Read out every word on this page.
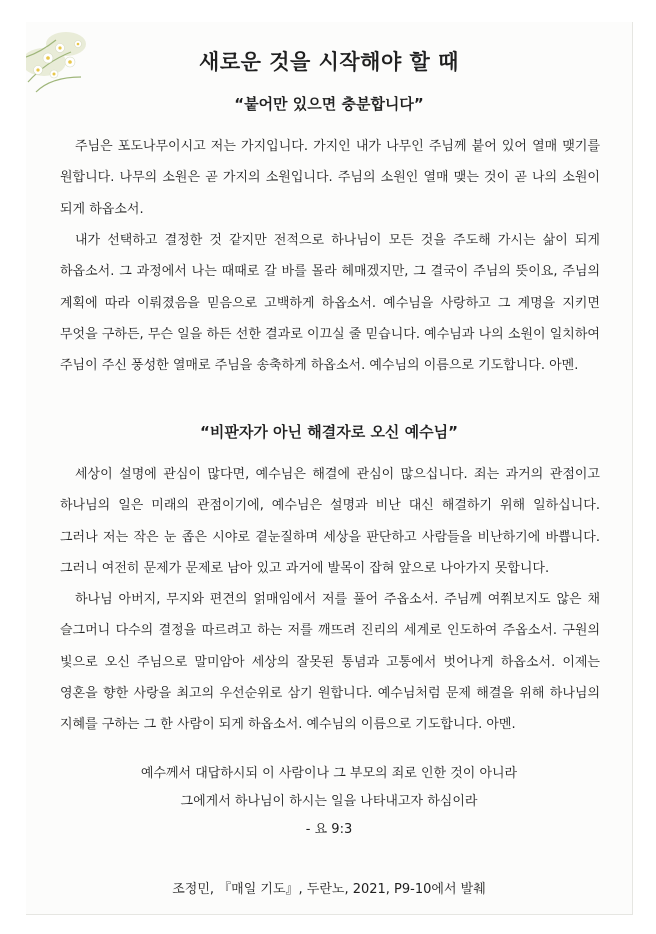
새로운 것을 시작해야 할 때
“붙어만 있으면 충분합니다”

주님은 포도나무이시고 저는 가지입니다. 가지인 내가 나무인 주님께 붙어 있어 열매 맺기를 원합니다. 나무의 소원은 곧 가지의 소원입니다. 주님의 소원인 열매 맺는 것이 곧 나의 소원이 되게 하옵소서.

내가 선택하고 결정한 것 같지만 전적으로 하나님이 모든 것을 주도해 가시는 삶이 되게 하옵소서. 그 과정에서 나는 때때로 갈 바를 몰라 헤매겠지만, 그 결국이 주님의 뜻이요, 주님의 계획에 따라 이뤄졌음을 믿음으로 고백하게 하옵소서. 예수님을 사랑하고 그 계명을 지키면 무엇을 구하든, 무슨 일을 하든 선한 결과로 이끄실 줄 믿습니다. 예수님과 나의 소원이 일치하여 주님이 주신 풍성한 열매로 주님을 송축하게 하옵소서. 예수님의 이름으로 기도합니다. 아멘.

“비판자가 아닌 해결자로 오신 예수님”

세상이 설명에 관심이 많다면, 예수님은 해결에 관심이 많으십니다. 죄는 과거의 관점이고 하나님의 일은 미래의 관점이기에, 예수님은 설명과 비난 대신 해결하기 위해 일하십니다. 그러나 저는 작은 눈 좁은 시야로 곁눈질하며 세상을 판단하고 사람들을 비난하기에 바쁩니다. 그러니 여전히 문제가 문제로 남아 있고 과거에 발목이 잡혀 앞으로 나아가지 못합니다.

하나님 아버지, 무지와 편견의 얽매임에서 저를 풀어 주옵소서. 주님께 여쭤보지도 않은 채 슬그머니 다수의 결정을 따르려고 하는 저를 깨뜨려 진리의 세계로 인도하여 주옵소서. 구원의 빛으로 오신 주님으로 말미암아 세상의 잘못된 통념과 고통에서 벗어나게 하옵소서. 이제는 영혼을 향한 사랑을 최고의 우선순위로 삼기 원합니다. 예수님처럼 문제 해결을 위해 하나님의 지혜를 구하는 그 한 사람이 되게 하옵소서. 예수님의 이름으로 기도합니다. 아멘.

예수께서 대답하시되 이 사람이나 그 부모의 죄로 인한 것이 아니라
그에게서 하나님이 하시는 일을 나타내고자 하심이라
- 요 9:3
조정민, 『매일 기도』, 두란노, 2021, P9-10에서 발췌
